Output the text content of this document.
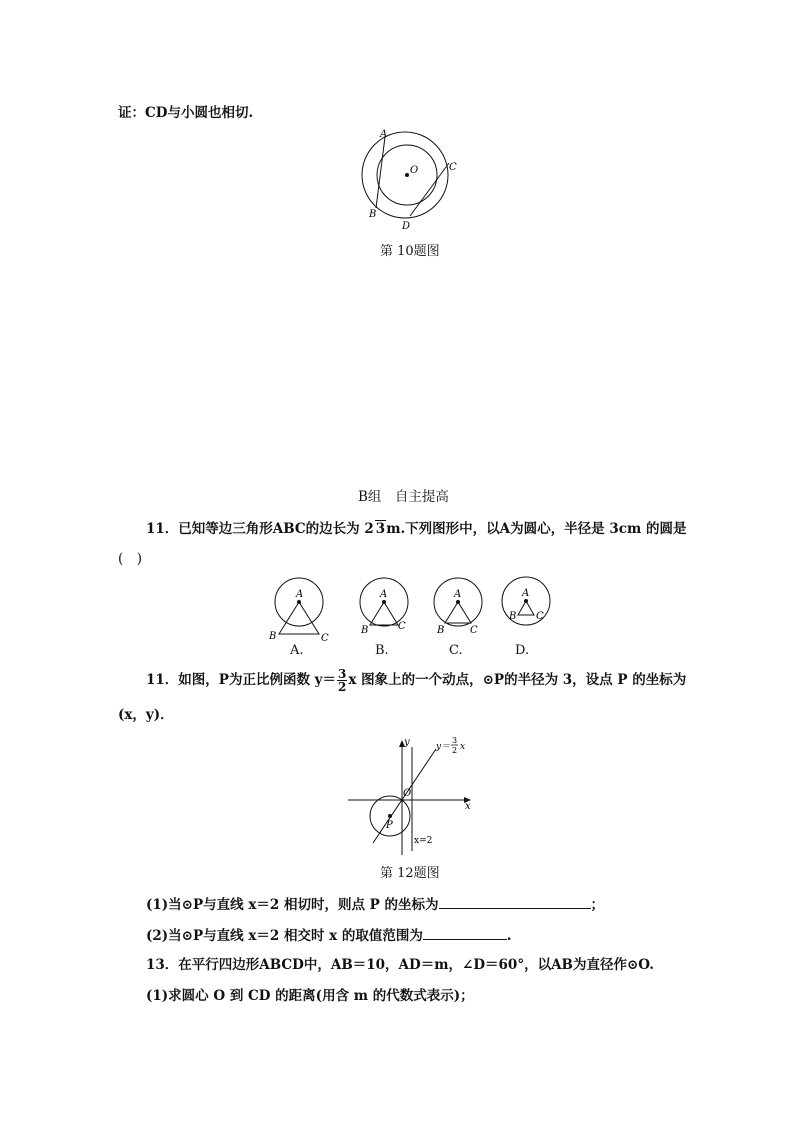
证：CD与小圆也相切.
A
B
C
D
O
第 10题图
B组　自主提高
11．已知等边三角形ABC的边长为 2 3m.下列图形中，以A为圆心，半径是 3cm 的圆是
(　)
A
B	C
A
B	C
A
B	C
A
B C
A.	B.	C.	D.
11．如图，P为正比例函数 $y= \frac{3}{2}$ x 图象上的一个动点，⊙P的半径为 3，设点 P 的坐标为
(x，y)．
y
x
O
P
x=2
y＝
3
2 x
第 12题图
(1)当⊙P与直线 x＝2 相切时，则点 P 的坐标为	；
(2)当⊙P与直线 x＝2 相交时 x 的取值范围为	.
13．在平行四边形ABCD中，AB＝10，AD＝m，∠D＝60°，以AB为直径作⊙O.
(1)求圆心 O 到 CD 的距离(用含 m 的代数式表示)；
